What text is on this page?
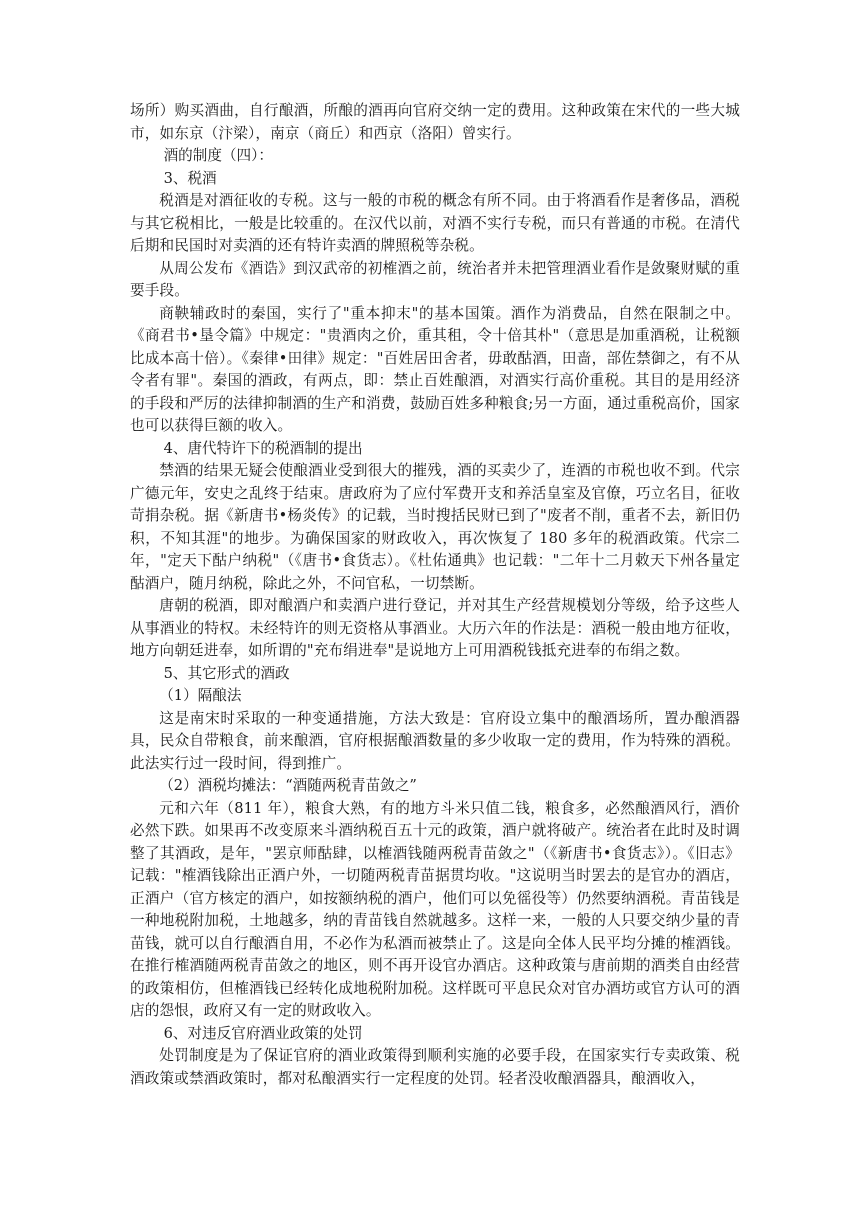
场所）购买酒曲，自行酿酒，所酿的酒再向官府交纳一定的费用。这种政策在宋代的一些大城市，如东京（汴梁），南京（商丘）和西京（洛阳）曾实行。

酒的制度（四）：

3、税酒

税酒是对酒征收的专税。这与一般的市税的概念有所不同。由于将酒看作是奢侈品，酒税与其它税相比，一般是比较重的。在汉代以前，对酒不实行专税，而只有普通的市税。在清代后期和民国时对卖酒的还有特许卖酒的牌照税等杂税。

从周公发布《酒诰》到汉武帝的初榷酒之前，统治者并未把管理酒业看作是敛聚财赋的重要手段。

商鞅辅政时的秦国，实行了"重本抑末"的基本国策。酒作为消费品，自然在限制之中。《商君书•垦令篇》中规定："贵酒肉之价，重其租，令十倍其朴"（意思是加重酒税，让税额比成本高十倍）。《秦律•田律》规定："百姓居田舍者，毋敢酤酒，田啬，部佐禁御之，有不从令者有罪"。秦国的酒政，有两点，即：禁止百姓酿酒，对酒实行高价重税。其目的是用经济的手段和严厉的法律抑制酒的生产和消费，鼓励百姓多种粮食;另一方面，通过重税高价，国家也可以获得巨额的收入。

4、唐代特许下的税酒制的提出

禁酒的结果无疑会使酿酒业受到很大的摧残，酒的买卖少了，连酒的市税也收不到。代宗广德元年，安史之乱终于结束。唐政府为了应付军费开支和养活皇室及官僚，巧立名目，征收苛捐杂税。据《新唐书•杨炎传》的记载，当时搜括民财已到了"废者不削，重者不去，新旧仍积，不知其涯"的地步。为确保国家的财政收入，再次恢复了 180 多年的税酒政策。代宗二年，"定天下酤户纳税"（《唐书•食货志）。《杜佑通典》也记载："二年十二月敕天下州各量定酤酒户，随月纳税，除此之外，不问官私，一切禁断。

唐朝的税酒，即对酿酒户和卖酒户进行登记，并对其生产经营规模划分等级，给予这些人从事酒业的特权。未经特许的则无资格从事酒业。大历六年的作法是：酒税一般由地方征收，地方向朝廷进奉，如所谓的"充布绢进奉"是说地方上可用酒税钱抵充进奉的布绢之数。

5、其它形式的酒政

（1）隔酿法

这是南宋时采取的一种变通措施，方法大致是：官府设立集中的酿酒场所，置办酿酒器具，民众自带粮食，前来酿酒，官府根据酿酒数量的多少收取一定的费用，作为特殊的酒税。此法实行过一段时间，得到推广。

（2）酒税均摊法：“酒随两税青苗敛之”

元和六年（811 年），粮食大熟，有的地方斗米只值二钱，粮食多，必然酿酒风行，酒价必然下跌。如果再不改变原来斗酒纳税百五十元的政策，酒户就将破产。统治者在此时及时调整了其酒政，是年，"罢京师酤肆，以榷酒钱随两税青苗敛之"（《新唐书•食货志》）。《旧志》记载："榷酒钱除出正酒户外，一切随两税青苗据贯均收。"这说明当时罢去的是官办的酒店，正酒户（官方核定的酒户，如按额纳税的酒户，他们可以免徭役等）仍然要纳酒税。青苗钱是一种地税附加税，土地越多，纳的青苗钱自然就越多。这样一来，一般的人只要交纳少量的青苗钱，就可以自行酿酒自用，不必作为私酒而被禁止了。这是向全体人民平均分摊的榷酒钱。在推行榷酒随两税青苗敛之的地区，则不再开设官办酒店。这种政策与唐前期的酒类自由经营的政策相仿，但榷酒钱已经转化成地税附加税。这样既可平息民众对官办酒坊或官方认可的酒店的怨恨，政府又有一定的财政收入。

6、对违反官府酒业政策的处罚

处罚制度是为了保证官府的酒业政策得到顺利实施的必要手段，在国家实行专卖政策、税酒政策或禁酒政策时，都对私酿酒实行一定程度的处罚。轻者没收酿酒器具，酿酒收入，
